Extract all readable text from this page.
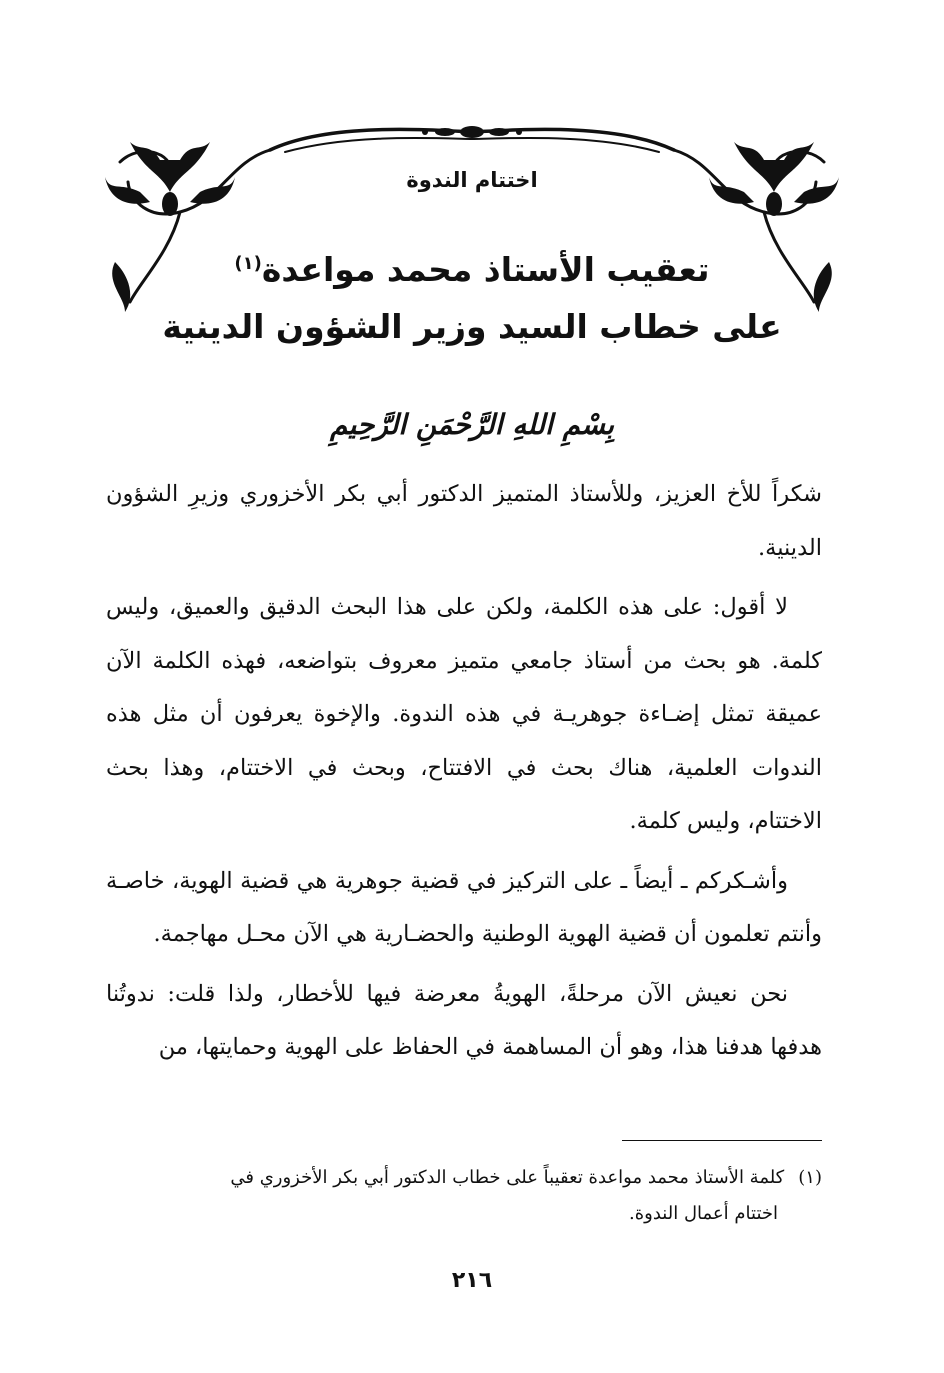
اختتام الندوة
تعقيب الأستاذ محمد مواعدة$^{(١)}$
على خطاب السيد وزير الشؤون الدينية
بِسْمِ اللهِ الرَّحْمَنِ الرَّحِيمِ

شكراً للأخ العزيز، وللأستاذ المتميز الدكتور أبي بكر الأخزوري وزيرِ الشؤون الدينية.

لا أقول: على هذه الكلمة، ولكن على هذا البحث الدقيق والعميق، وليس كلمة. هو بحث من أستاذ جامعي متميز معروف بتواضعه، فهذه الكلمة الآن عميقة تمثل إضـاءة جوهريـة في هذه الندوة. والإخوة يعرفون أن مثل هذه الندوات العلمية، هناك بحث في الافتتاح، وبحث في الاختتام، وهذا بحث الاختتام، وليس كلمة.

وأشـكركم ـ أيضاً ـ على التركيز في قضية جوهرية هي قضية الهوية، خاصـة وأنتم تعلمون أن قضية الهوية الوطنية والحضـارية هي الآن محـل مهاجمة.

نحن نعيش الآن مرحلةً، الهويةُ معرضة فيها للأخطار، ولذا قلت: ندوتُنا هدفها هدفنا هذا، وهو أن المساهمة في الحفاظ على الهوية وحمايتها، من

(١)كلمة الأستاذ محمد مواعدة تعقيباً على خطاب الدكتور أبي بكر الأخزوري في
اختتام أعمال الندوة.
٢١٦
